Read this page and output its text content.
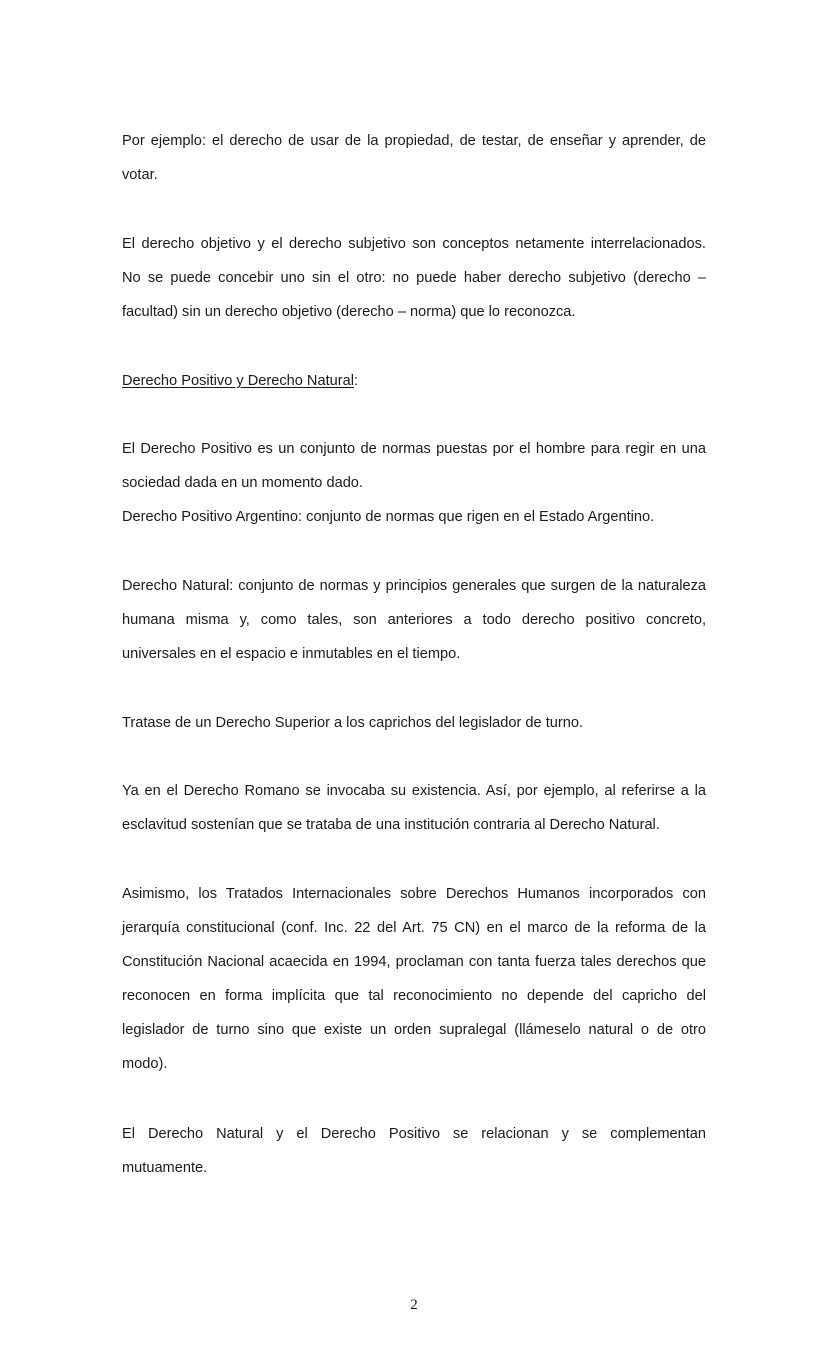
Por ejemplo: el derecho de usar de la propiedad, de testar, de enseñar y aprender, de
votar.
El derecho objetivo y el derecho subjetivo son conceptos netamente interrelacionados.
No se puede concebir uno sin el otro: no puede haber derecho subjetivo (derecho –
facultad) sin un derecho objetivo (derecho – norma) que lo reconozca.
Derecho Positivo y Derecho Natural:
El Derecho Positivo es un conjunto de normas puestas por el hombre para regir en una
sociedad dada en un momento dado.
Derecho Positivo Argentino: conjunto de normas que rigen en el Estado Argentino.
Derecho Natural: conjunto de normas y principios generales que surgen de la naturaleza
humana misma y, como tales, son anteriores a todo derecho positivo concreto,
universales en el espacio e inmutables en el tiempo.
Tratase de un Derecho Superior a los caprichos del legislador de turno.
Ya en el Derecho Romano se invocaba su existencia. Así, por ejemplo, al referirse a la
esclavitud sostenían que se trataba de una institución contraria al Derecho Natural.
Asimismo, los Tratados Internacionales sobre Derechos Humanos incorporados con
jerarquía constitucional (conf. Inc. 22 del Art. 75 CN) en el marco de la reforma de la
Constitución Nacional acaecida en 1994, proclaman con tanta fuerza tales derechos que
reconocen en forma implícita que tal reconocimiento no depende del capricho del
legislador de turno sino que existe un orden supralegal (llámeselo natural o de otro
modo).
El Derecho Natural y el Derecho Positivo se relacionan y se complementan
mutuamente.
2
